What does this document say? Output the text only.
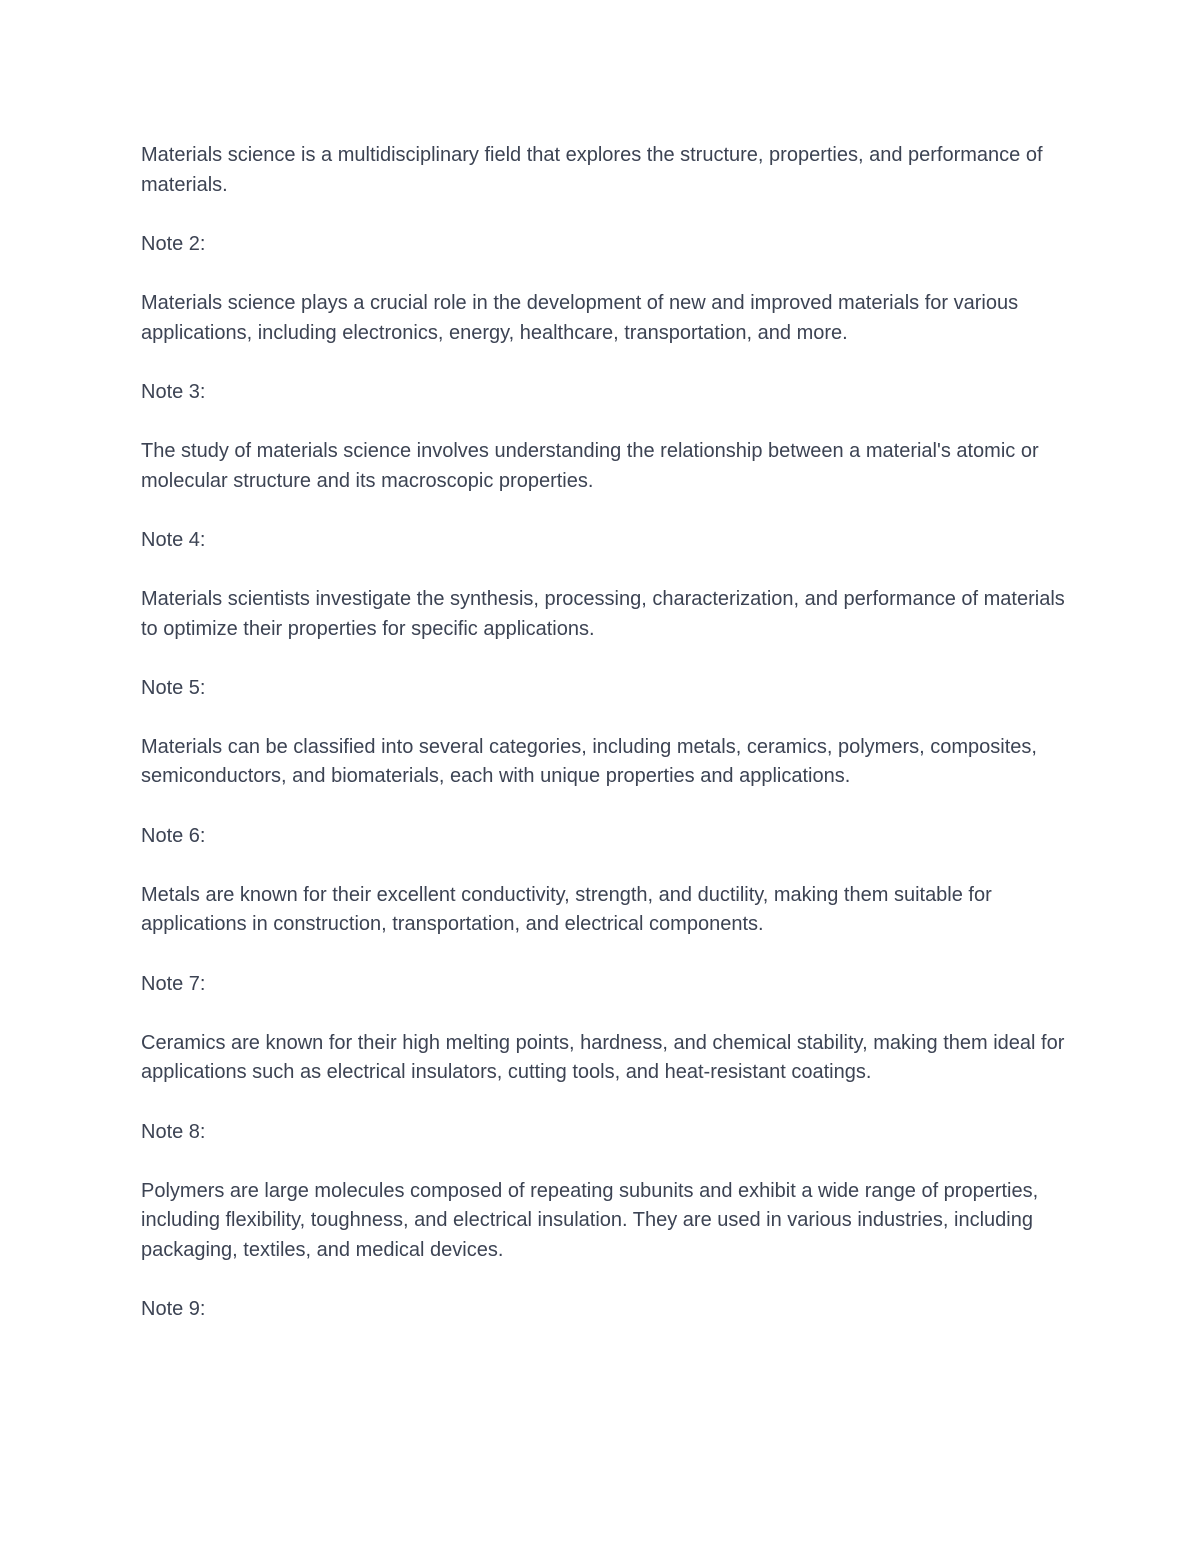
Materials science is a multidisciplinary field that explores the structure, properties, and performance of materials.

Note 2:

Materials science plays a crucial role in the development of new and improved materials for various applications, including electronics, energy, healthcare, transportation, and more.

Note 3:

The study of materials science involves understanding the relationship between a material's atomic or molecular structure and its macroscopic properties.

Note 4:

Materials scientists investigate the synthesis, processing, characterization, and performance of materials to optimize their properties for specific applications.

Note 5:

Materials can be classified into several categories, including metals, ceramics, polymers, composites, semiconductors, and biomaterials, each with unique properties and applications.

Note 6:

Metals are known for their excellent conductivity, strength, and ductility, making them suitable for applications in construction, transportation, and electrical components.

Note 7:

Ceramics are known for their high melting points, hardness, and chemical stability, making them ideal for applications such as electrical insulators, cutting tools, and heat-resistant coatings.

Note 8:

Polymers are large molecules composed of repeating subunits and exhibit a wide range of properties, including flexibility, toughness, and electrical insulation. They are used in various industries, including packaging, textiles, and medical devices.

Note 9:
